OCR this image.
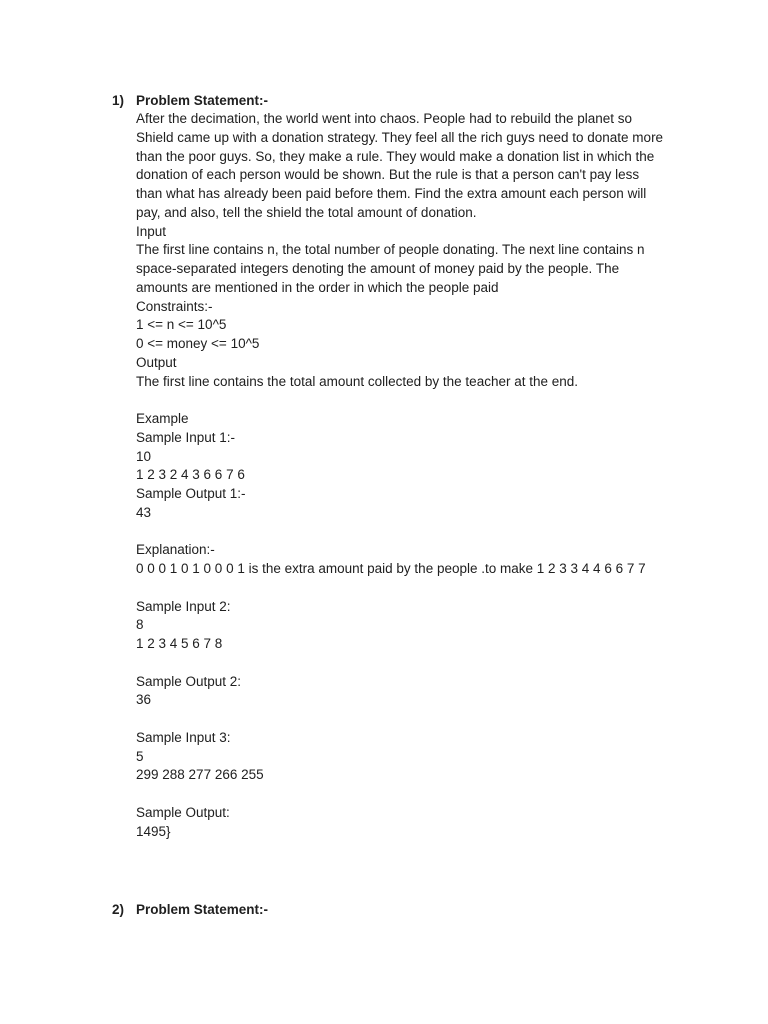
1) Problem Statement:-
After the decimation, the world went into chaos. People had to rebuild the planet so
Shield came up with a donation strategy. They feel all the rich guys need to donate more
than the poor guys. So, they make a rule. They would make a donation list in which the
donation of each person would be shown. But the rule is that a person can't pay less
than what has already been paid before them. Find the extra amount each person will
pay, and also, tell the shield the total amount of donation.
Input
The first line contains n, the total number of people donating. The next line contains n
space-separated integers denoting the amount of money paid by the people. The
amounts are mentioned in the order in which the people paid
Constraints:-
1 <= n <= 10^5
0 <= money <= 10^5
Output
The first line contains the total amount collected by the teacher at the end.
Example
Sample Input 1:-
10
1 2 3 2 4 3 6 6 7 6
Sample Output 1:-
43
Explanation:-
0 0 0 1 0 1 0 0 0 1 is the extra amount paid by the people .to make 1 2 3 3 4 4 6 6 7 7
Sample Input 2:
8
1 2 3 4 5 6 7 8
Sample Output 2:
36
Sample Input 3:
5
299 288 277 266 255
Sample Output:
1495}
2) Problem Statement:-
